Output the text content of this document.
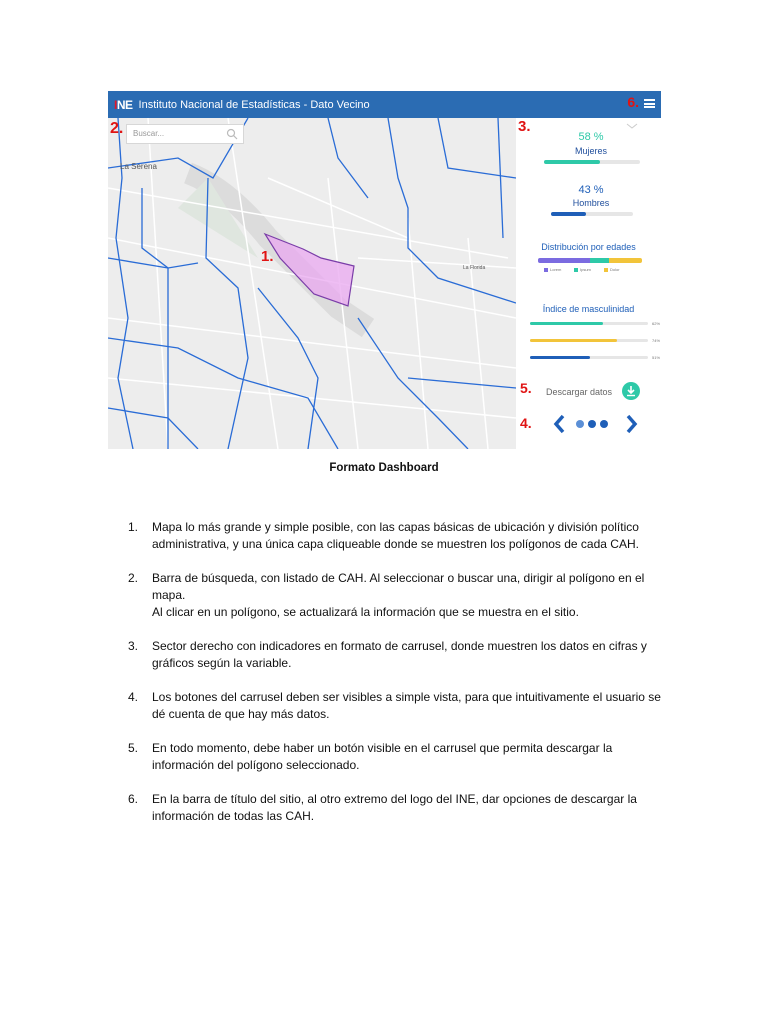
INE Instituto Nacional de Estadísticas - Dato Vecino	6.
La Serena
La Florida
1.
Buscar...
2.	3.
58 %
Mujeres
43 %
Hombres
Distribución por edades
Lorem	Ipsum	Dolor
Índice de masculinidad
62%
74%
51%
5. Descargar datos
4.
Formato Dashboard
1.	Mapa lo más grande y simple posible, con las capas básicas de ubicación y división político administrativa, y una única capa cliqueable donde se muestren los polígonos de cada CAH.
2.	Barra de búsqueda, con listado de CAH. Al seleccionar o buscar una, dirigir al polígono en el mapa.
Al clicar en un polígono, se actualizará la información que se muestra en el sitio.
3.	Sector derecho con indicadores en formato de carrusel, donde muestren los datos en cifras y gráficos según la variable.
4.	Los botones del carrusel deben ser visibles a simple vista, para que intuitivamente el usuario se dé cuenta de que hay más datos.
5.	En todo momento, debe haber un botón visible en el carrusel que permita descargar la información del polígono seleccionado.
6.	En la barra de título del sitio, al otro extremo del logo del INE, dar opciones de descargar la información de todas las CAH.
